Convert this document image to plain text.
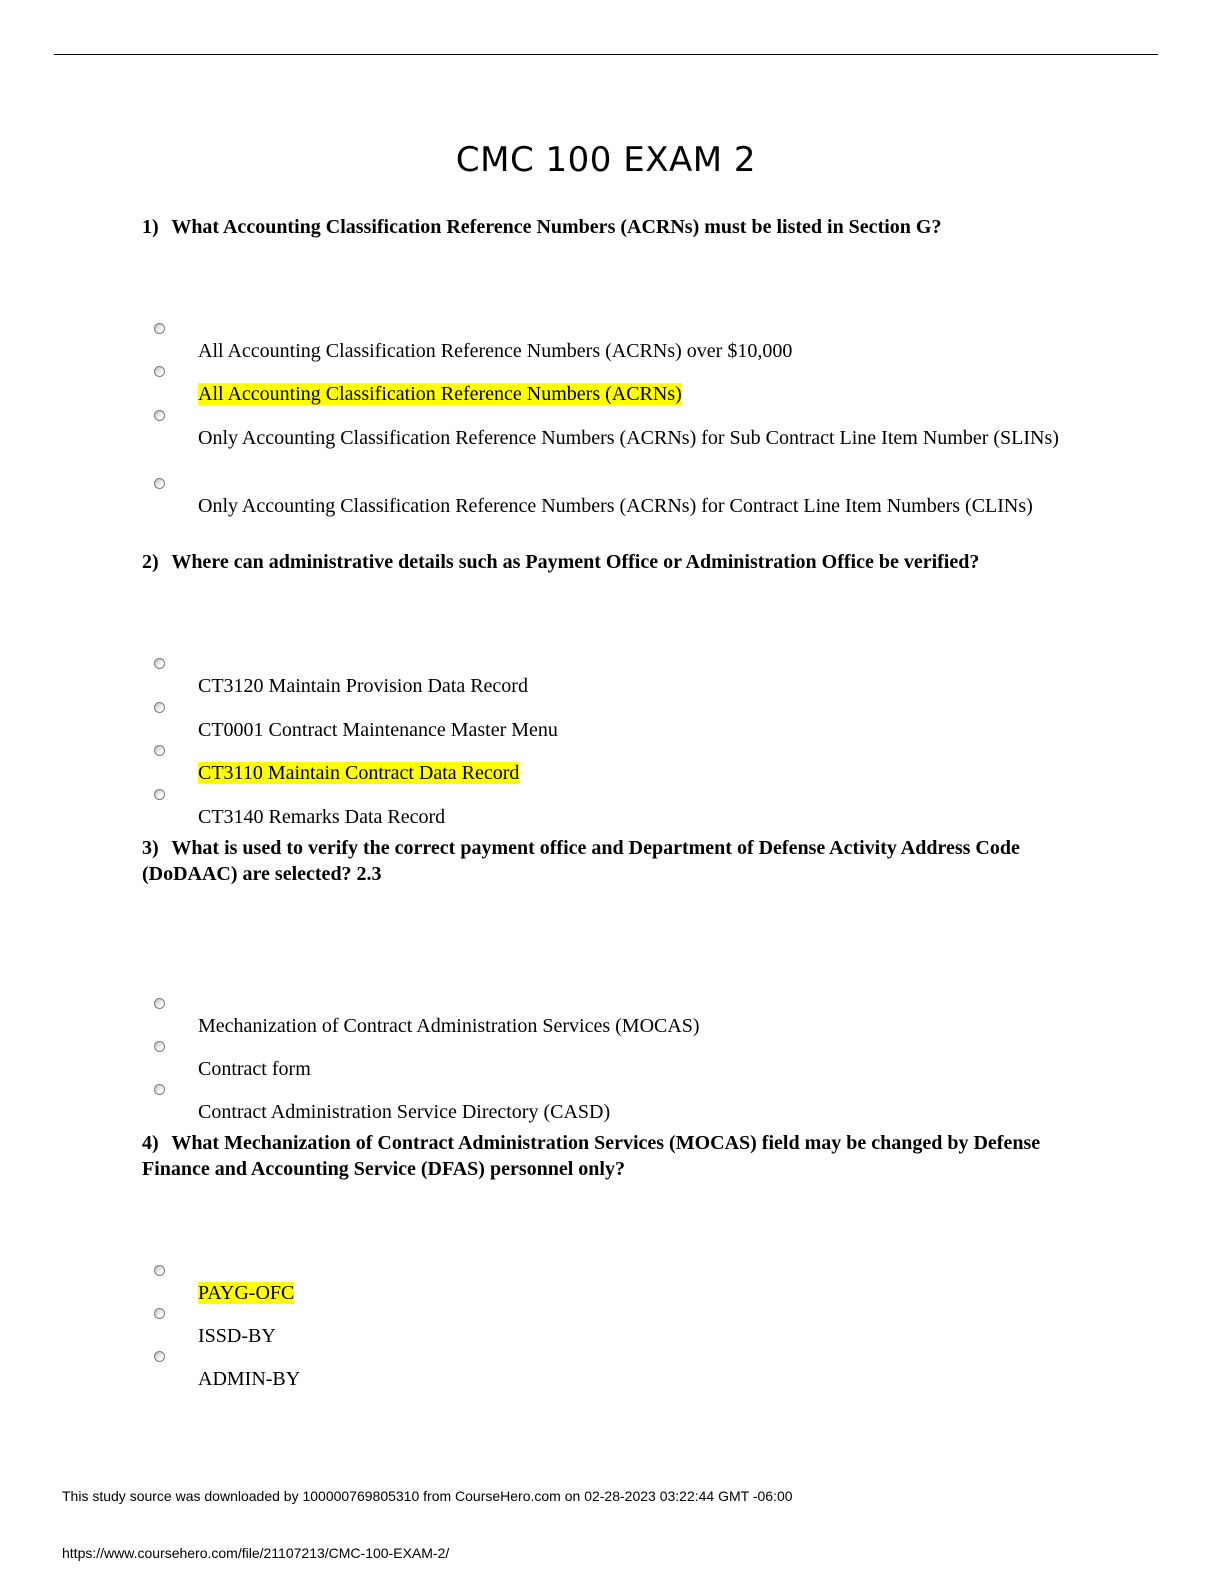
CMC 100 EXAM 2
1) What Accounting Classification Reference Numbers (ACRNs) must be listed in Section G?
All Accounting Classification Reference Numbers (ACRNs) over $10,000
All Accounting Classification Reference Numbers (ACRNs)
Only Accounting Classification Reference Numbers (ACRNs) for Sub Contract Line Item Number (SLINs)
Only Accounting Classification Reference Numbers (ACRNs) for Contract Line Item Numbers (CLINs)
2) Where can administrative details such as Payment Office or Administration Office be verified?
CT3120 Maintain Provision Data Record
CT0001 Contract Maintenance Master Menu
CT3110 Maintain Contract Data Record
CT3140 Remarks Data Record
3) What is used to verify the correct payment office and Department of Defense Activity Address Code (DoDAAC) are selected? 2.3
Mechanization of Contract Administration Services (MOCAS)
Contract form
Contract Administration Service Directory (CASD)
4) What Mechanization of Contract Administration Services (MOCAS) field may be changed by Defense Finance and Accounting Service (DFAS) personnel only?
PAYG-OFC
ISSD-BY
ADMIN-BY
This study source was downloaded by 100000769805310 from CourseHero.com on 02-28-2023 03:22:44 GMT -06:00
https://www.coursehero.com/file/21107213/CMC-100-EXAM-2/
